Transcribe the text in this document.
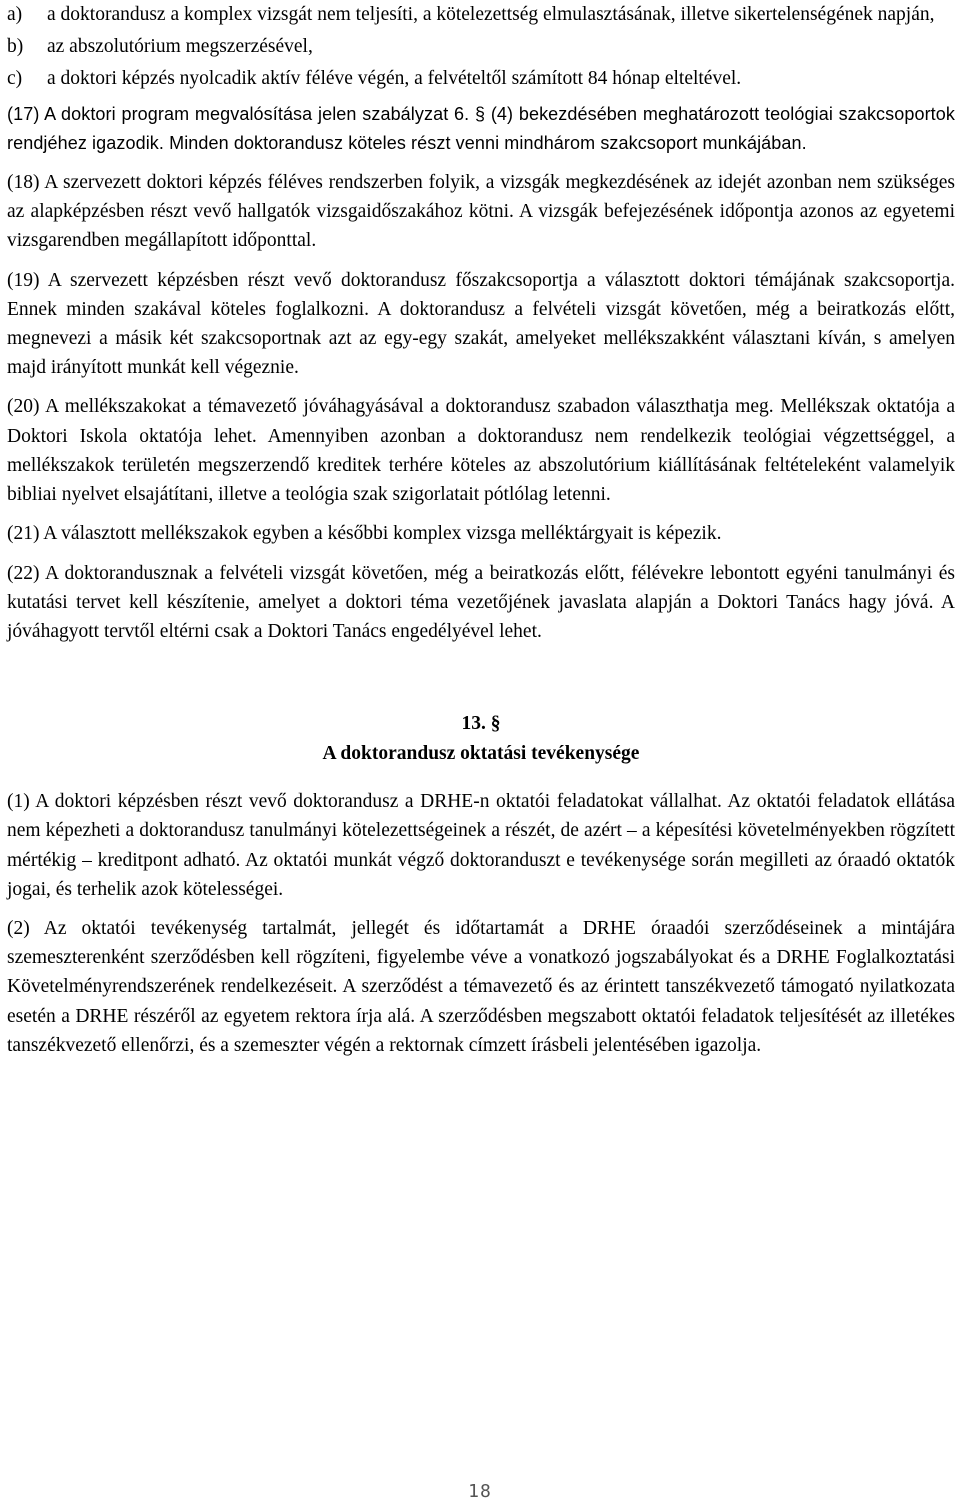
a) a doktorandusz a komplex vizsgát nem teljesíti, a kötelezettség elmulasztásának, illetve sikertelenségének napján,
b) az abszolutórium megszerzésével,
c) a doktori képzés nyolcadik aktív féléve végén, a felvételtől számított 84 hónap elteltével.

(17) A doktori program megvalósítása jelen szabályzat 6. § (4) bekezdésében meghatározott teológiai szakcsoportok rendjéhez igazodik. Minden doktorandusz köteles részt venni mindhárom szakcsoport munkájában.

(18) A szervezett doktori képzés féléves rendszerben folyik, a vizsgák megkezdésének az idejét azonban nem szükséges az alapképzésben részt vevő hallgatók vizsgaidőszakához kötni. A vizsgák befejezésének időpontja azonos az egyetemi vizsgarendben megállapított időponttal.

(19) A szervezett képzésben részt vevő doktorandusz főszakcsoportja a választott doktori témájának szakcsoportja. Ennek minden szakával köteles foglalkozni. A doktorandusz a felvételi vizsgát követően, még a beiratkozás előtt, megnevezi a másik két szakcsoportnak azt az egy-egy szakát, amelyeket mellékszakként választani kíván, s amelyen majd irányított munkát kell végeznie.

(20) A mellékszakokat a témavezető jóváhagyásával a doktorandusz szabadon választhatja meg. Mellékszak oktatója a Doktori Iskola oktatója lehet. Amennyiben azonban a doktorandusz nem rendelkezik teológiai végzettséggel, a mellékszakok területén megszerzendő kreditek terhére köteles az abszolutórium kiállításának feltételeként valamelyik bibliai nyelvet elsajátítani, illetve a teológia szak szigorlatait pótlólag letenni.

(21) A választott mellékszakok egyben a későbbi komplex vizsga melléktárgyait is képezik.

(22) A doktorandusznak a felvételi vizsgát követően, még a beiratkozás előtt, félévekre lebontott egyéni tanulmányi és kutatási tervet kell készítenie, amelyet a doktori téma vezetőjének javaslata alapján a Doktori Tanács hagy jóvá. A jóváhagyott tervtől eltérni csak a Doktori Tanács engedélyével lehet.

13. §
A doktorandusz oktatási tevékenysége

(1) A doktori képzésben részt vevő doktorandusz a DRHE-n oktatói feladatokat vállalhat. Az oktatói feladatok ellátása nem képezheti a doktorandusz tanulmányi kötelezettségeinek a részét, de azért – a képesítési követelményekben rögzített mértékig – kreditpont adható. Az oktatói munkát végző doktoranduszt e tevékenysége során megilleti az óraadó oktatók jogai, és terhelik azok kötelességei.

(2) Az oktatói tevékenység tartalmát, jellegét és időtartamát a DRHE óraadói szerződéseinek a mintájára szemeszterenként szerződésben kell rögzíteni, figyelembe véve a vonatkozó jogszabályokat és a DRHE Foglalkoztatási Követelményrendszerének rendelkezéseit. A szerződést a témavezető és az érintett tanszékvezető támogató nyilatkozata esetén a DRHE részéről az egyetem rektora írja alá. A szerződésben megszabott oktatói feladatok teljesítését az illetékes tanszékvezető ellenőrzi, és a szemeszter végén a rektornak címzett írásbeli jelentésében igazolja.

18
